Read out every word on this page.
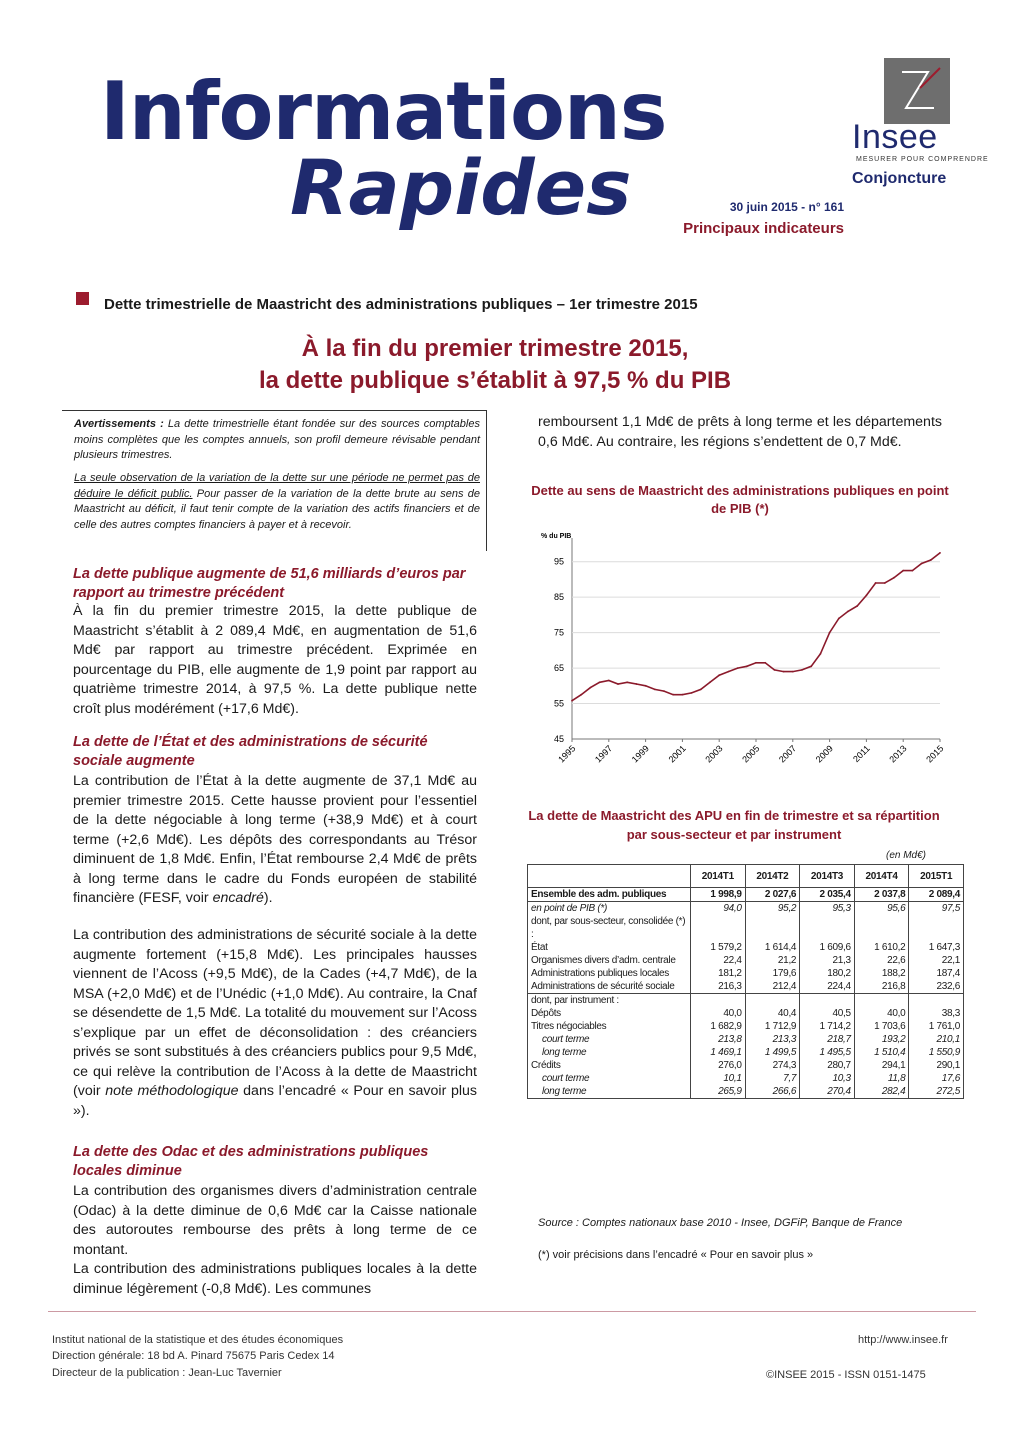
Informations
Rapides
Insee
MESURER POUR COMPRENDRE
Conjoncture
30 juin 2015 - n° 161
Principaux indicateurs
Dette trimestrielle de Maastricht des administrations publiques – 1er trimestre 2015
À la fin du premier trimestre 2015,
la dette publique s’établit à 97,5 % du PIB

Avertissements : La dette trimestrielle étant fondée sur des sources comptables moins complètes que les comptes annuels, son profil demeure révisable pendant plusieurs trimestres.

La seule observation de la variation de la dette sur une période ne permet pas de déduire le déficit public. Pour passer de la variation de la dette brute au sens de Maastricht au déficit, il faut tenir compte de la variation des actifs financiers et de celle des autres comptes financiers à payer et à recevoir.

La dette publique augmente de 51,6 milliards d’euros par rapport au trimestre précédent

À la fin du premier trimestre 2015, la dette publique de Maastricht s’établit à 2 089,4 Md€, en augmentation de 51,6 Md€ par rapport au trimestre précédent. Exprimée en pourcentage du PIB, elle augmente de 1,9 point par rapport au quatrième trimestre 2014, à 97,5 %. La dette publique nette croît plus modérément (+17,6 Md€).

La dette de l’État et des administrations de sécurité sociale augmente

La contribution de l’État à la dette augmente de 37,1 Md€ au premier trimestre 2015. Cette hausse provient pour l’essentiel de la dette négociable à long terme (+38,9 Md€) et à court terme (+2,6 Md€). Les dépôts des correspondants au Trésor diminuent de 1,8 Md€. Enfin, l’État rembourse 2,4 Md€ de prêts à long terme dans le cadre du Fonds européen de stabilité financière (FESF, voir encadré).

La contribution des administrations de sécurité sociale à la dette augmente fortement (+15,8 Md€). Les principales hausses viennent de l’Acoss (+9,5 Md€), de la Cades (+4,7 Md€), de la MSA (+2,0 Md€) et de l’Unédic (+1,0 Md€). Au contraire, la Cnaf se désendette de 1,5 Md€. La totalité du mouvement sur l’Acoss s’explique par un effet de déconsolidation : des créanciers privés se sont substitués à des créanciers publics pour 9,5 Md€, ce qui relève la contribution de l’Acoss à la dette de Maastricht (voir note méthodologique dans l’encadré « Pour en savoir plus »).

La dette des Odac et des administrations publiques locales diminue

La contribution des organismes divers d’administration centrale (Odac) à la dette diminue de 0,6 Md€ car la Caisse nationale des autoroutes rembourse des prêts à long terme de ce montant.

La contribution des administrations publiques locales à la dette diminue légèrement (-0,8 Md€). Les communes

remboursent 1,1 Md€ de prêts à long terme et les départements 0,6 Md€. Au contraire, les régions s’endettent de 0,7 Md€.

Dette au sens de Maastricht des administrations publiques en point de PIB (*)
% du PIB
45
55
65
75
85
95
1995 1997 1999 2001 2003 2005 2007 2009 2011 2013 2015
La dette de Maastricht des APU en fin de trimestre et sa répartition par sous-secteur et par instrument
(en Md€)
	2014T1	2014T2	2014T3	2014T4	2015T1
Ensemble des adm. publiques	1 998,9	2 027,6	2 035,4	2 037,8	2 089,4
en point de PIB (*)	94,0	95,2	95,3	95,6	97,5
dont, par sous-secteur, consolidée (*) :					
État	1 579,2	1 614,4	1 609,6	1 610,2	1 647,3
Organismes divers d’adm. centrale	22,4	21,2	21,3	22,6	22,1
Administrations publiques locales	181,2	179,6	180,2	188,2	187,4
Administrations de sécurité sociale	216,3	212,4	224,4	216,8	232,6
dont, par instrument :					
Dépôts	40,0	40,4	40,5	40,0	38,3
Titres négociables	1 682,9	1 712,9	1 714,2	1 703,6	1 761,0
court terme	213,8	213,3	218,7	193,2	210,1
long terme	1 469,1	1 499,5	1 495,5	1 510,4	1 550,9
Crédits	276,0	274,3	280,7	294,1	290,1
court terme	10,1	7,7	10,3	11,8	17,6
long terme	265,9	266,6	270,4	282,4	272,5
Source : Comptes nationaux base 2010 - Insee, DGFiP, Banque de France
(*) voir précisions dans l’encadré « Pour en savoir plus »
Institut national de la statistique et des études économiques
Direction générale: 18 bd A. Pinard 75675 Paris Cedex 14
Directeur de la publication : Jean-Luc Tavernier
http://www.insee.fr
©INSEE 2015 - ISSN 0151-1475
